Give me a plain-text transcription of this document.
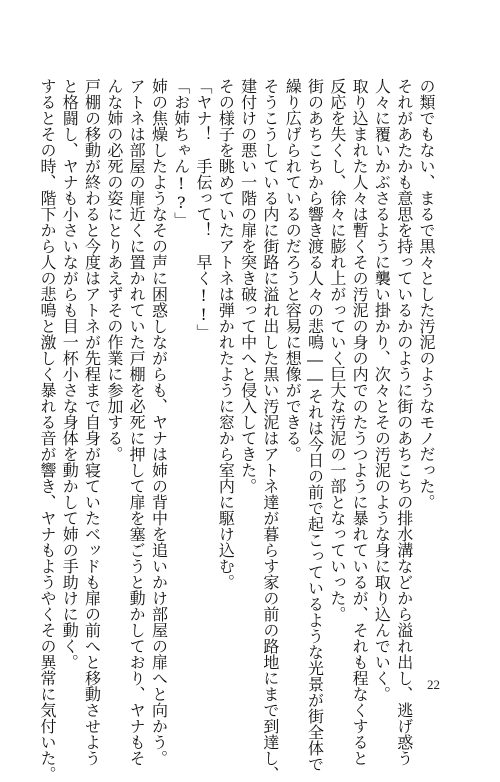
の類でもない、まるで黒々とした汚泥のようなモノだった。
それがあたかも意思を持っているかのように街のあちこちの排水溝などから溢れ出し、逃げ惑う
人々に覆いかぶさるように襲い掛かり、次々とその汚泥のような身に取り込んでいく。
取り込まれた人々は暫くその汚泥の身の内でのたうつように暴れているが、それも程なくすると
反応を失くし、徐々に膨れ上がっていく巨大な汚泥の一部となっていった。
街のあちこちから響き渡る人々の悲鳴――それは今日の前で起こっているような光景が街全体で
繰り広げられているのだろうと容易に想像ができる。
そうこうしている内に街路に溢れ出した黒い汚泥はアトネ達が暮らす家の前の路地にまで到達し、
建付けの悪い一階の扉を突き破って中へと侵入してきた。
その様子を眺めていたアトネは弾かれたように窓から室内に駆け込む。
「ヤナ！　手伝って！　早く!!」
「お姉ちゃん!?」
姉の焦燥したようなその声に困惑しながらも、ヤナは姉の背中を追いかけ部屋の扉へと向かう。
アトネは部屋の扉近くに置かれていた戸棚を必死に押して扉を塞ごうと動かしており、ヤナもそ
んな姉の必死の姿にとりあえずその作業に参加する。
戸棚の移動が終わると今度はアトネが先程まで自身が寝ていたベッドも扉の前へと移動させよう
と格闘し、ヤナも小さいながらも目一杯小さな身体を動かして姉の手助けに動く。
するとその時、階下から人の悲鳴と激しく暴れる音が響き、ヤナもようやくその異常に気付いた。	22
